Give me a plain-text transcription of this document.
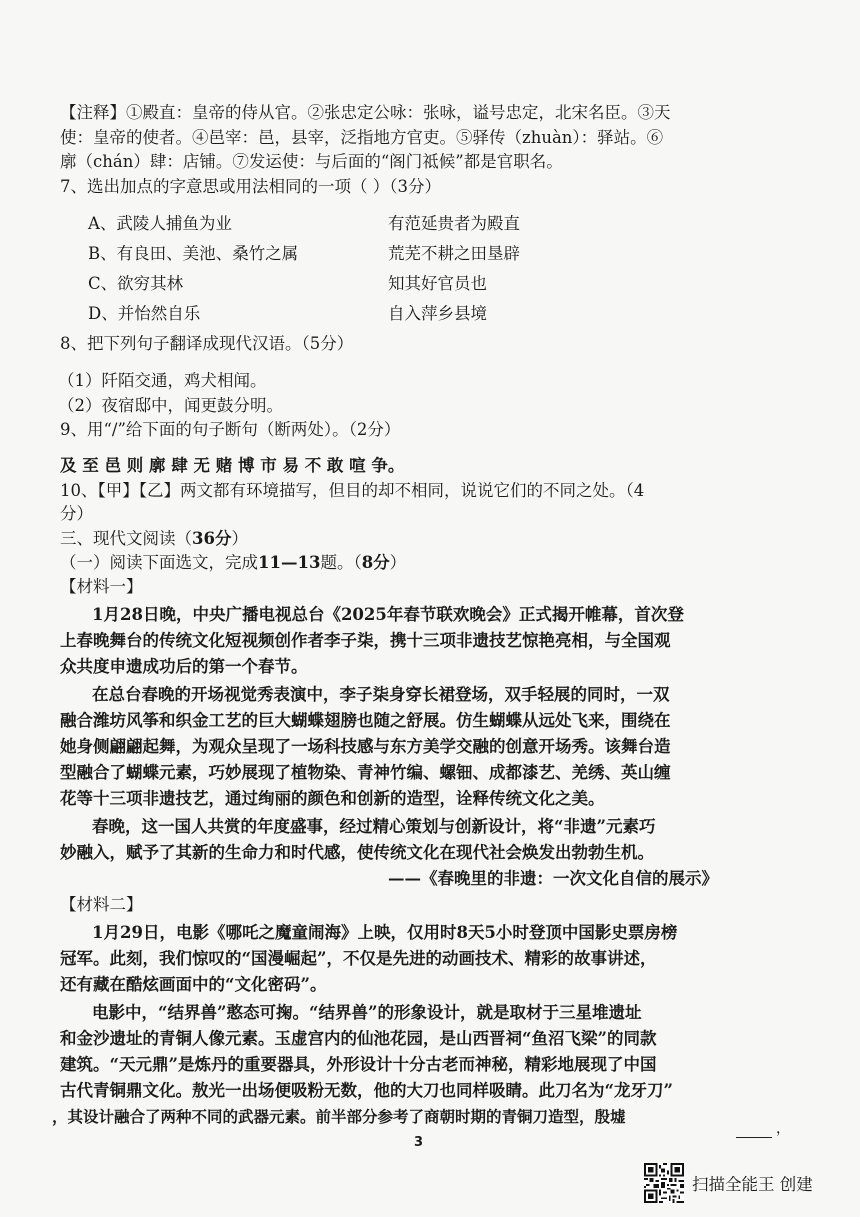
【注释】①殿直：皇帝的侍从官。②张忠定公咏：张咏，谥号忠定，北宋名臣。③天
使：皇帝的使者。④邑宰：邑，县宰，泛指地方官吏。⑤驿传（zhuàn）：驿站。⑥
廓（chán）肆：店铺。⑦发运使：与后面的“阁门祗候”都是官职名。
7、选出加点的字意思或用法相同的一项（ ）（3分）
A、武陵人捕鱼为业	有范延贵者为殿直
B、有良田、美池、桑竹之属	荒芜不耕之田垦辟
C、欲穷其林	知其好官员也
D、并怡然自乐	自入萍乡县境
8、把下列句子翻译成现代汉语。（5分）
（1）阡陌交通，鸡犬相闻。
（2）夜宿邸中，闻更鼓分明。
9、用“/”给下面的句子断句（断两处）。（2分）
及 至 邑 则 廓 肆 无 赌 博 市 易 不 敢 喧 争。
10、【甲】【乙】两文都有环境描写，但目的却不相同，说说它们的不同之处。（4
分）
三、现代文阅读（36分）
（一）阅读下面选文，完成11—13题。（8分）
【材料一】
1月28日晚，中央广播电视总台《2025年春节联欢晚会》正式揭开帷幕，首次登
上春晚舞台的传统文化短视频创作者李子柒，携十三项非遗技艺惊艳亮相，与全国观
众共度申遗成功后的第一个春节。
在总台春晚的开场视觉秀表演中，李子柒身穿长裙登场，双手轻展的同时，一双
融合潍坊风筝和织金工艺的巨大蝴蝶翅膀也随之舒展。仿生蝴蝶从远处飞来，围绕在
她身侧翩翩起舞，为观众呈现了一场科技感与东方美学交融的创意开场秀。该舞台造
型融合了蝴蝶元素，巧妙展现了植物染、青神竹编、螺钿、成都漆艺、羌绣、英山缠
花等十三项非遗技艺，通过绚丽的颜色和创新的造型，诠释传统文化之美。
春晚，这一国人共赏的年度盛事，经过精心策划与创新设计，将“非遗”元素巧
妙融入，赋予了其新的生命力和时代感，使传统文化在现代社会焕发出勃勃生机。
——《春晚里的非遗：一次文化自信的展示》
【材料二】
1月29日，电影《哪吒之魔童闹海》上映，仅用时8天5小时登顶中国影史票房榜
冠军。此刻，我们惊叹的“国漫崛起”，不仅是先进的动画技术、精彩的故事讲述，
还有藏在酷炫画面中的“文化密码”。
电影中，“结界兽”憨态可掬。“结界兽”的形象设计，就是取材于三星堆遗址
和金沙遗址的青铜人像元素。玉虚宫内的仙池花园，是山西晋祠“鱼沼飞梁”的同款
建筑。“天元鼎”是炼丹的重要器具，外形设计十分古老而神秘，精彩地展现了中国
古代青铜鼎文化。敖光一出场便吸粉无数，他的大刀也同样吸睛。此刀名为“龙牙刀”
，其设计融合了两种不同的武器元素。前半部分参考了商朝时期的青铜刀造型，殷墟
3
，
扫描全能王 创建
